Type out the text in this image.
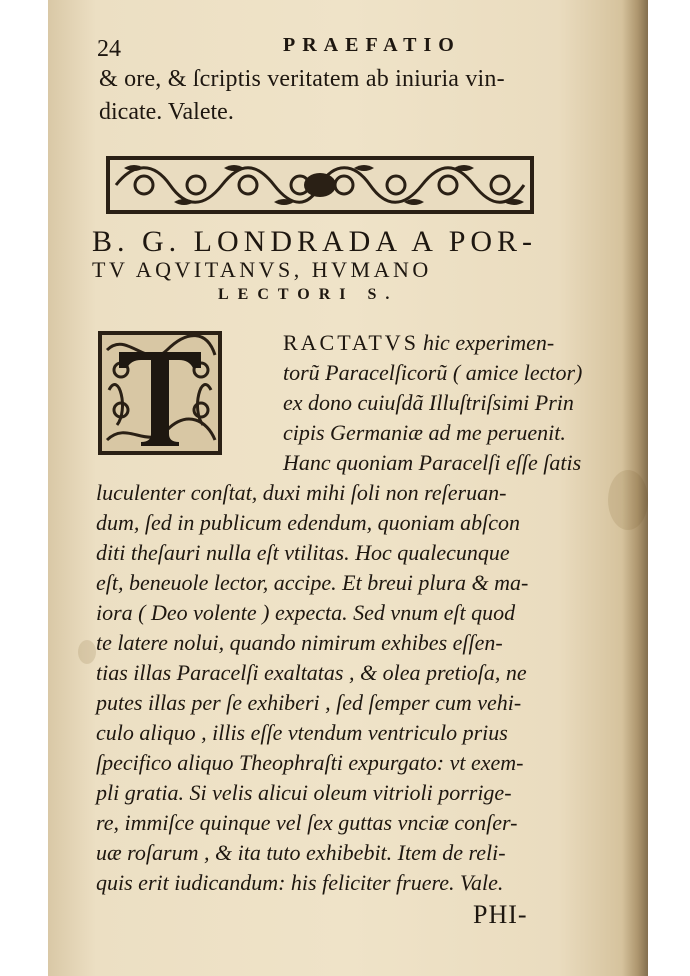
24	PRAEFATIO
& ore, & ſcriptis veritatem ab iniuria vin-
dicate. Valete.
B. G. LONDRADA A POR-
TV AQVITANVS, HVMANO
LECTORI S.
RACTATVS hic experimen-
torũ Paracelſicorũ ( amice lector)
ex dono cuiuſdã Illuſtriſsimi Prin
cipis Germaniæ ad me peruenit.
Hanc quoniam Paracelſi eſſe ſatis
luculenter conſtat, duxi mihi ſoli non reſeruan-
dum, ſed in publicum edendum, quoniam abſcon
diti theſauri nulla eſt vtilitas. Hoc qualecunque
eſt, beneuole lector, accipe. Et breui plura & ma-
iora ( Deo volente ) expecta. Sed vnum eſt quod
te latere nolui, quando nimirum exhibes eſſen-
tias illas Paracelſi exaltatas , & olea pretioſa, ne
putes illas per ſe exhiberi , ſed ſemper cum vehi-
culo aliquo , illis eſſe vtendum ventriculo prius
ſpecifico aliquo Theophraſti expurgato: vt exem-
pli gratia. Si velis alicui oleum vitrioli porrige-
re, immiſce quinque vel ſex guttas vnciæ conſer-
uæ roſarum , & ita tuto exhibebit. Item de reli-
quis erit iudicandum: his feliciter fruere. Vale.
PHI-
